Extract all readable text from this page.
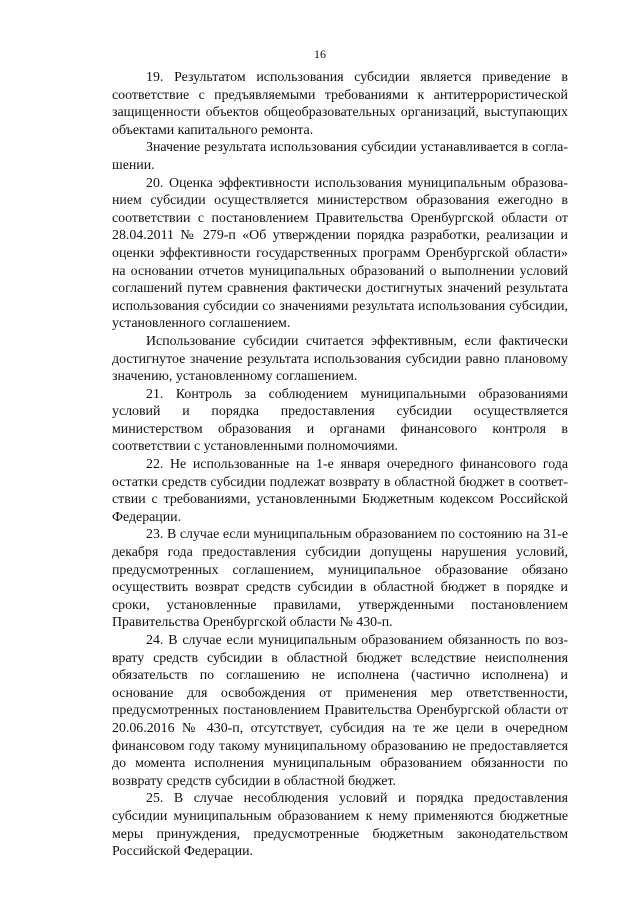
16

19. Результатом использования субсидии является приведение в соответствие с предъявляемыми требованиями к антитеррористической защищенности объектов общеобразовательных организаций, выступающих объектами капитального ремонта.

Значение результата использования субсидии устанавливается в соглашении.

20. Оценка эффективности использования муниципальным образованием субсидии осуществляется министерством образования ежегодно в соответствии с постановлением Правительства Оренбургской области от 28.04.2011 № 279-п «Об утверждении порядка разработки, реализации и оценки эффективности государственных программ Оренбургской области» на основании отчетов муниципальных образований о выполнении условий соглашений путем сравнения фактически достигнутых значений результата использования субсидии со значениями результата использования субсидии, установленного соглашением.

Использование субсидии считается эффективным, если фактически достигнутое значение результата использования субсидии равно плановому значению, установленному соглашением.

21. Контроль за соблюдением муниципальными образованиями условий и порядка предоставления субсидии осуществляется министерством образования и органами финансового контроля в соответствии с установленными полномочиями.

22. Не использованные на 1-е января очередного финансового года остатки средств субсидии подлежат возврату в областной бюджет в соответствии с требованиями, установленными Бюджетным кодексом Российской Федерации.

23. В случае если муниципальным образованием по состоянию на 31-е декабря года предоставления субсидии допущены нарушения условий, предусмотренных соглашением, муниципальное образование обязано осуществить возврат средств субсидии в областной бюджет в порядке и сроки, установленные правилами, утвержденными постановлением Правительства Оренбургской области № 430-п.

24. В случае если муниципальным образованием обязанность по возврату средств субсидии в областной бюджет вследствие неисполнения обязательств по соглашению не исполнена (частично исполнена) и основание для освобождения от применения мер ответственности, предусмотренных постановлением Правительства Оренбургской области от 20.06.2016 № 430-п, отсутствует, субсидия на те же цели в очередном финансовом году такому муниципальному образованию не предоставляется до момента исполнения муниципальным образованием обязанности по возврату средств субсидии в областной бюджет.

25. В случае несоблюдения условий и порядка предоставления субсидии муниципальным образованием к нему применяются бюджетные меры принуждения, предусмотренные бюджетным законодательством Российской Федерации.
